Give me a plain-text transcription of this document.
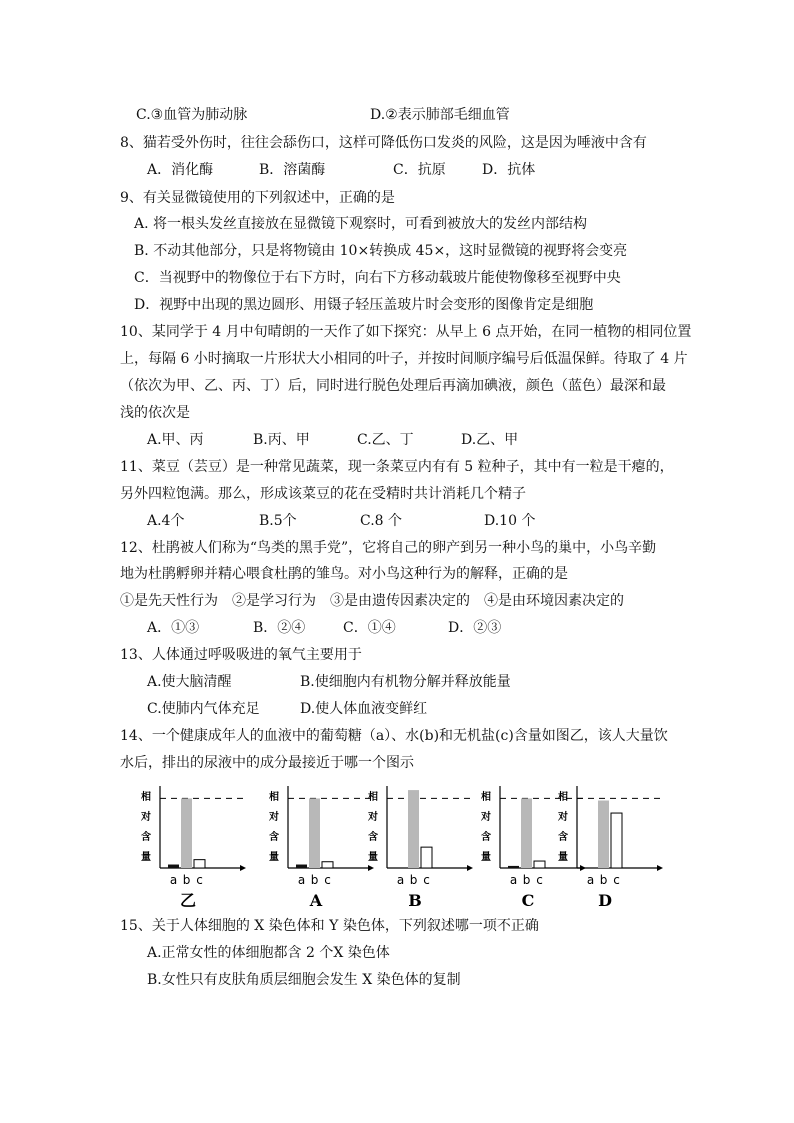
C.③血管为肺动脉	D.②表示肺部毛细血管
8、猫若受外伤时，往往会舔伤口，这样可降低伤口发炎的风险，这是因为唾液中含有
A．消化酶	B．溶菌酶	C．抗原	D．抗体
9、有关显微镜使用的下列叙述中，正确的是
A. 将一根头发丝直接放在显微镜下观察时，可看到被放大的发丝内部结构
B. 不动其他部分，只是将物镜由 10×转换成 45×，这时显微镜的视野将会变亮
C．当视野中的物像位于右下方时，向右下方移动载玻片能使物像移至视野中央
D．视野中出现的黑边圆形、用镊子轻压盖玻片时会变形的图像肯定是细胞
10、某同学于 4 月中旬晴朗的一天作了如下探究：从早上 6 点开始，在同一植物的相同位置
上，每隔 6 小时摘取一片形状大小相同的叶子，并按时间顺序编号后低温保鲜。待取了 4 片
（依次为甲、乙、丙、丁）后，同时进行脱色处理后再滴加碘液，颜色（蓝色）最深和最
浅的依次是
A.甲、丙	B.丙、甲	C.乙、丁	D.乙、甲
11、菜豆（芸豆）是一种常见蔬菜，现一条菜豆内有有 5 粒种子，其中有一粒是干瘪的，
另外四粒饱满。那么，形成该菜豆的花在受精时共计消耗几个精子
A.4个	B.5个	C.8 个	D.10 个
12、杜鹃被人们称为“鸟类的黑手党”，它将自己的卵产到另一种小鸟的巢中，小鸟辛勤
地为杜鹃孵卵并精心喂食杜鹃的雏鸟。对小鸟这种行为的解释，正确的是
①是先天性行为　②是学习行为　③是由遗传因素决定的　④是由环境因素决定的
A．①③	B．②④	C．①④	D．②③
13、人体通过呼吸吸进的氧气主要用于
A.使大脑清醒	B.使细胞内有机物分解并释放能量
C.使肺内气体充足	D.使人体血液变鲜红
14、一个健康成年人的血液中的葡萄糖（a）、水(b)和无机盐(c)含量如图乙，该人大量饮
水后，排出的尿液中的成分最接近于哪一个图示
相
对
含
量
a b c
乙
相
对
含
量
a b c
A
相
对
含
量
a b c
B
相
对
含
量
a b c
C
相
对
含
量
a b c
D
15、关于人体细胞的 X 染色体和 Y 染色体，下列叙述哪一项不正确
A.正常女性的体细胞都含 2 个X 染色体
B.女性只有皮肤角质层细胞会发生 X 染色体的复制
